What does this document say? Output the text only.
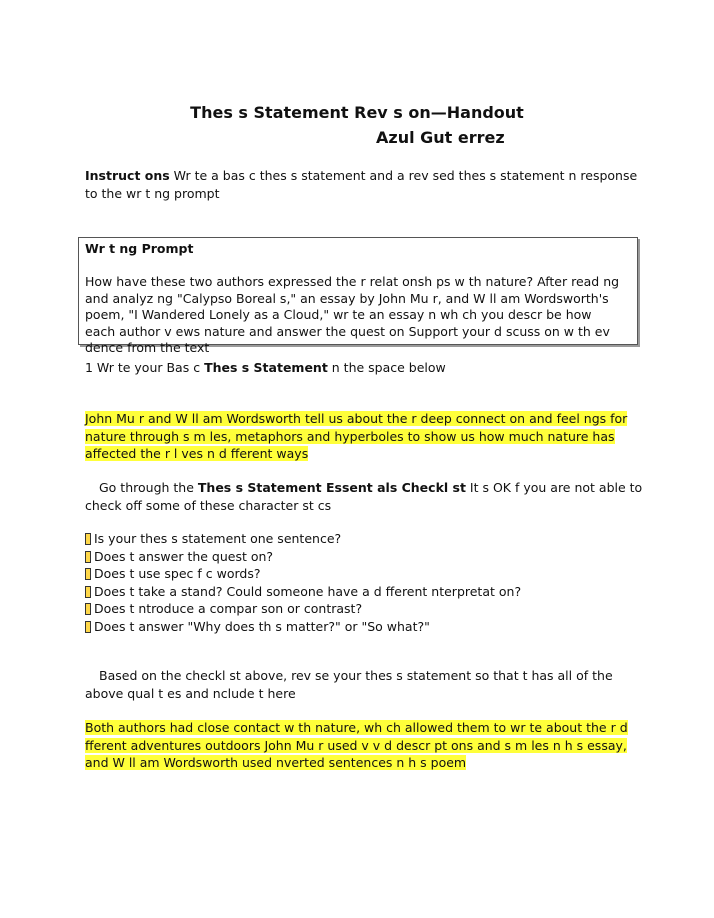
Thes s Statement Rev s on—Handout
Azul Gut errez
Instruct ons Wr te a bas c thes s statement and a rev sed thes s statement n response to the wr t ng prompt
Wr t ng Prompt
How have these two authors expressed the r relat onsh ps w th nature? After read ng and analyz ng "Calypso Boreal s," an essay by John Mu r, and W ll am Wordsworth's poem, "I Wandered Lonely as a Cloud," wr te an essay n wh ch you descr be how each author v ews nature and answer the quest on Support your d scuss on w th ev dence from the text
1 Wr te your Bas c Thes s Statement n the space below
John Mu r and W ll am Wordsworth tell us about the r deep connect on and feel ngs for nature through s m les, metaphors and hyperboles to show us how much nature has affected the r l ves n d fferent ways
Go through the Thes s Statement Essent als Checkl st It s OK f you are not able to check off some of these character st cs
Is your thes s statement one sentence?
Does t answer the quest on?
Does t use spec f c words?
Does t take a stand? Could someone have a d fferent nterpretat on?
Does t ntroduce a compar son or contrast?
Does t answer "Why does th s matter?" or "So what?"
Based on the checkl st above, rev se your thes s statement so that t has all of the above qual t es and nclude t here
Both authors had close contact w th nature, wh ch allowed them to wr te about the r d fferent adventures outdoors John Mu r used v v d descr pt ons and s m les n h s essay, and W ll am Wordsworth used nverted sentences n h s poem
